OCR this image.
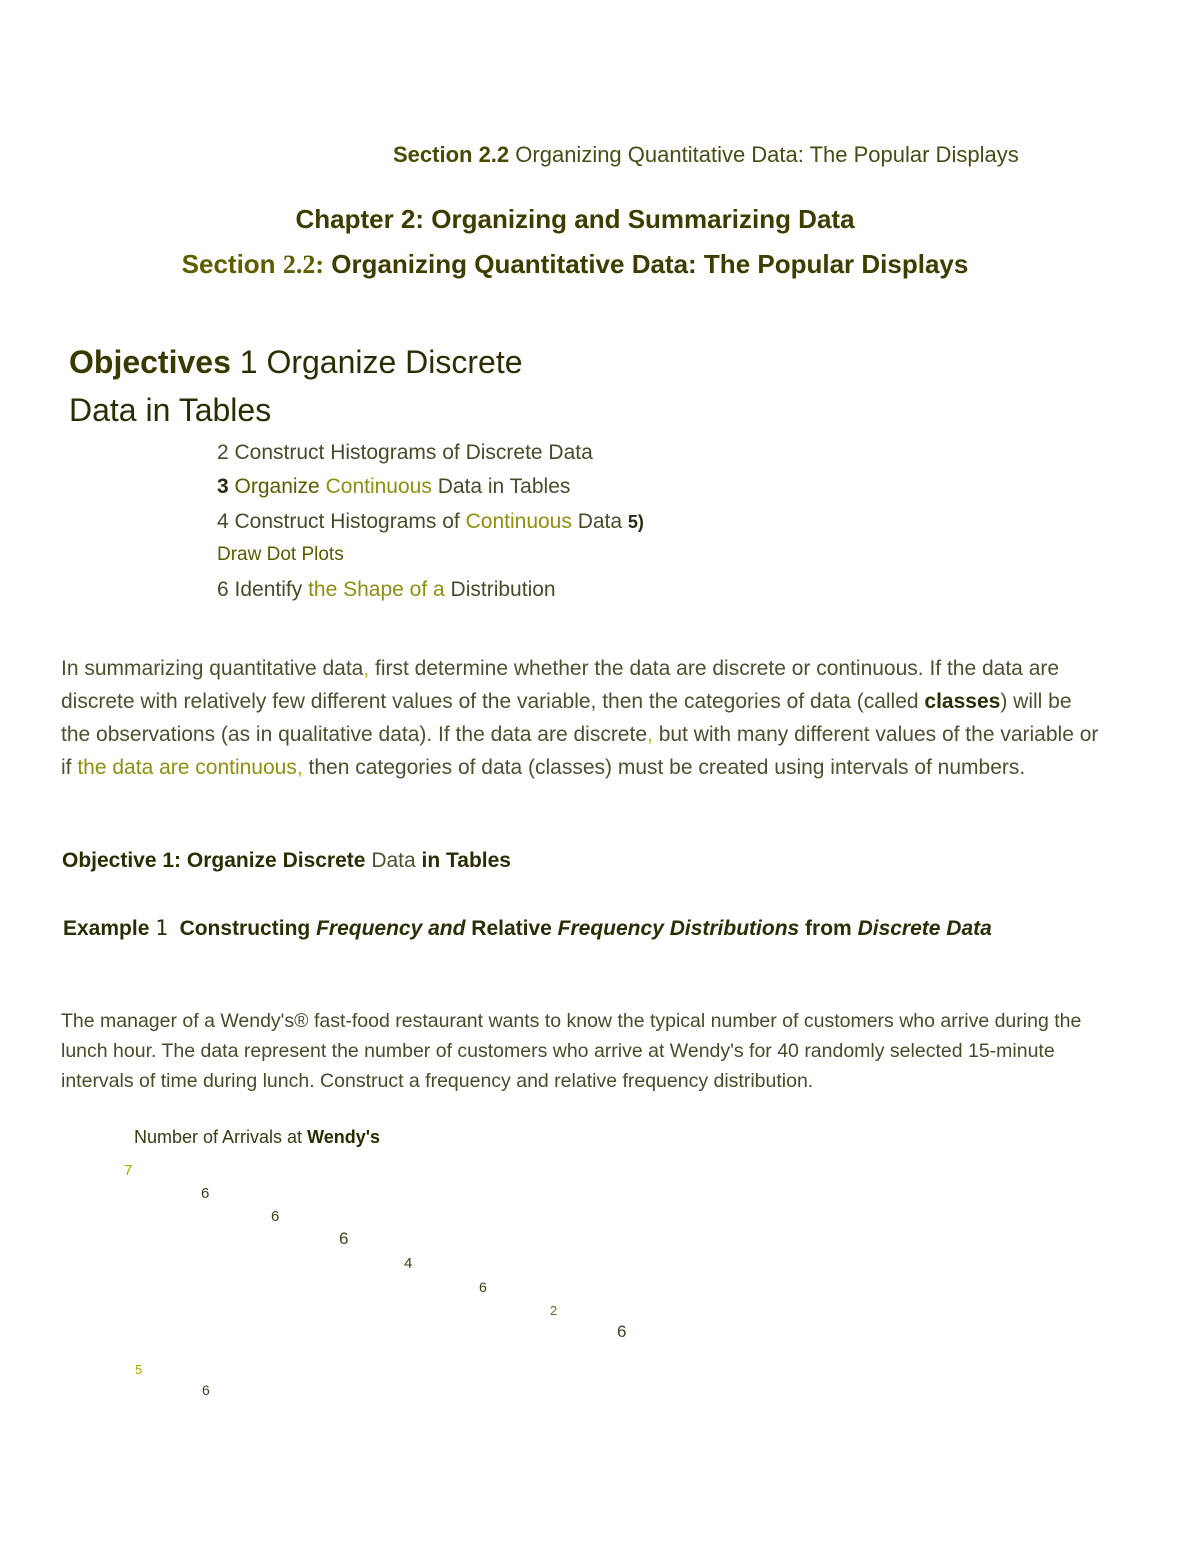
Section 2.2 Organizing Quantitative Data: The Popular Displays
Chapter 2: Organizing and Summarizing Data
Section 2.2: Organizing Quantitative Data: The Popular Displays
Objectives 1 Organize Discrete
Data in Tables
2 Construct Histograms of Discrete Data
3 Organize Continuous Data in Tables
4 Construct Histograms of Continuous Data 5)
Draw Dot Plots
6 Identify the Shape of a Distribution
In summarizing quantitative data, first determine whether the data are discrete or continuous. If the data are discrete with relatively few different values of the variable, then the categories of data (called classes) will be the observations (as in qualitative data). If the data are discrete, but with many different values of the variable or if the data are continuous, then categories of data (classes) must be created using intervals of numbers.
Objective 1: Organize Discrete Data in Tables
Example 1 Constructing Frequency and Relative Frequency Distributions from Discrete Data
The manager of a Wendy's® fast-food restaurant wants to know the typical number of customers who arrive during the lunch hour. The data represent the number of customers who arrive at Wendy's for 40 randomly selected 15-minute intervals of time during lunch. Construct a frequency and relative frequency distribution.
Number of Arrivals at Wendy's
7
6
6
6
4
6
2
6
5
6
